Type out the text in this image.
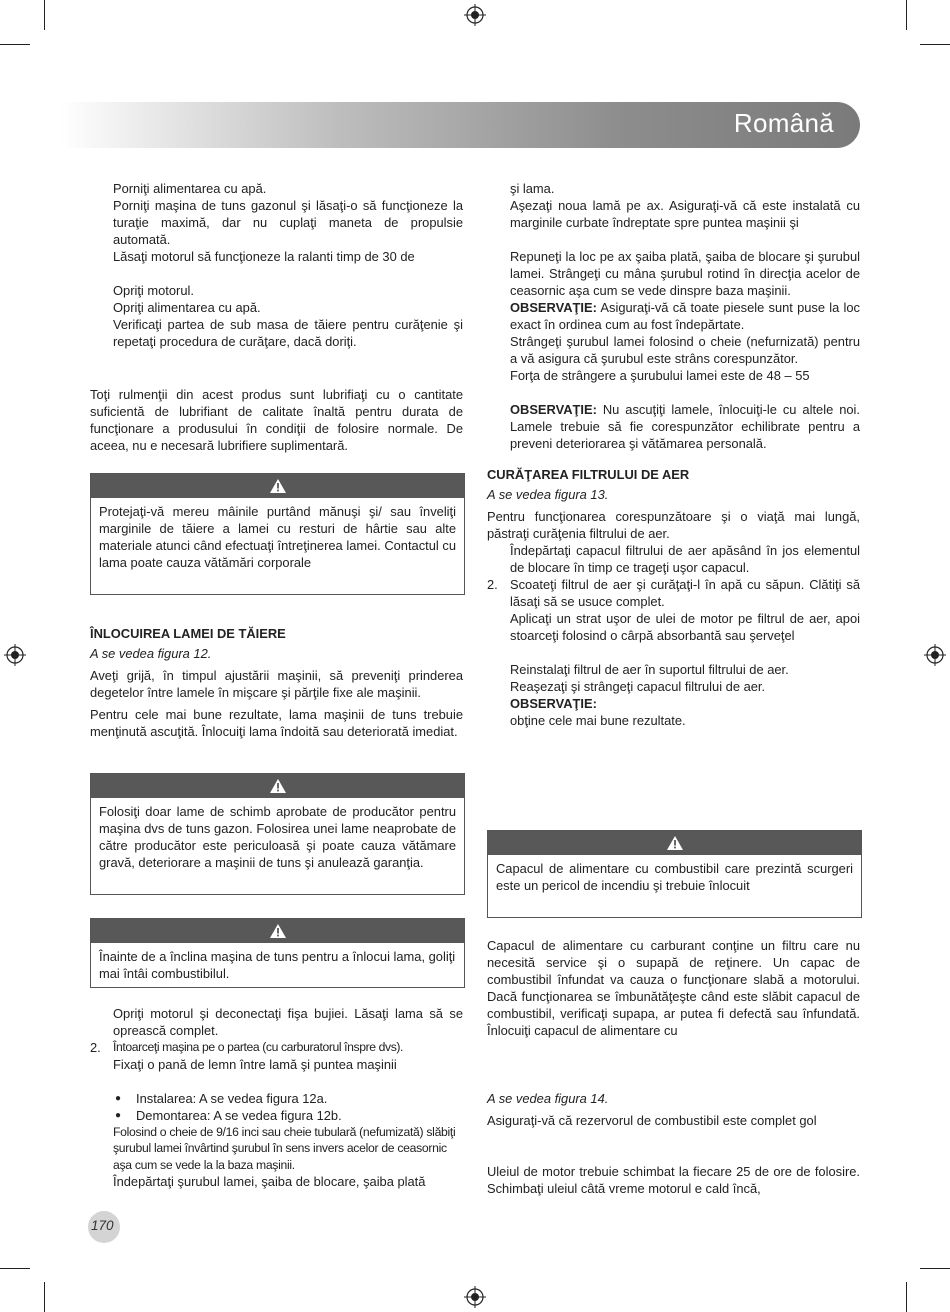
Română

Porniţi alimentarea cu apă.

Porniţi maşina de tuns gazonul şi lăsaţi-o să funcţioneze la turaţie maximă, dar nu cuplaţi maneta de propulsie automată.

Lăsaţi motorul să funcţioneze la ralanti timp de 30 de

Opriţi motorul.

Opriţi alimentarea cu apă.

Verificaţi partea de sub masa de tăiere pentru curăţenie şi repetaţi procedura de curăţare, dacă doriţi.

Toţi rulmenţii din acest produs sunt lubrifiaţi cu o cantitate suficientă de lubrifiant de calitate înaltă pentru durata de funcţionare a produsului în condiţii de folosire normale. De aceea, nu e necesară lubrifiere suplimentară.

Protejaţi-vă mereu mâinile purtând mănuşi şi/ sau înveliţi marginile de tăiere a lamei cu resturi de hârtie sau alte materiale atunci când efectuaţi întreţinerea lamei. Contactul cu lama poate cauza vătămări corporale

ÎNLOCUIREA LAMEI DE TĂIERE

A se vedea figura 12.

Aveţi grijă, în timpul ajustării maşinii, să preveniţi prinderea degetelor între lamele în mişcare şi părţile fixe ale maşinii.

Pentru cele mai bune rezultate, lama maşinii de tuns trebuie menţinută ascuţită. Înlocuiţi lama îndoită sau deteriorată imediat.

Folosiţi doar lame de schimb aprobate de producător pentru maşina dvs de tuns gazon. Folosirea unei lame neaprobate de către producător este periculoasă şi poate cauza vătămare gravă, deteriorare a maşinii de tuns şi anulează garanţia.
Înainte de a înclina maşina de tuns pentru a înlocui lama, goliţi mai întâi combustibilul.

Opriţi motorul şi deconectaţi fişa bujiei. Lăsaţi lama să se oprească complet.

2. Întoarceţi maşina pe o partea (cu carburatorul înspre dvs).

Fixaţi o pană de lemn între lamă şi puntea maşinii

● Instalarea: A se vedea figura 12a.
● Demontarea: A se vedea figura 12b.

Folosind o cheie de 9/16 inci sau cheie tubulară (nefumizată) slăbiţi şurubul lamei învârtind şurubul în sens invers acelor de ceasornic aşa cum se vede la la baza maşinii.

Îndepărtaţi şurubul lamei, şaiba de blocare, şaiba plată

şi lama.

Aşezaţi noua lamă pe ax. Asiguraţi-vă că este instalată cu marginile curbate îndreptate spre puntea maşinii şi

Repuneţi la loc pe ax şaiba plată, şaiba de blocare şi şurubul lamei. Strângeţi cu mâna şurubul rotind în direcţia acelor de ceasornic aşa cum se vede dinspre baza maşinii.

OBSERVAŢIE: Asiguraţi-vă că toate piesele sunt puse la loc exact în ordinea cum au fost îndepărtate.

Strângeţi şurubul lamei folosind o cheie (nefurnizată) pentru a vă asigura că şurubul este strâns corespunzător.

Forţa de strângere a şurubului lamei este de 48 – 55

OBSERVAŢIE: Nu ascuţiţi lamele, înlocuiţi-le cu altele noi. Lamele trebuie să fie corespunzător echilibrate pentru a preveni deteriorarea şi vătămarea personală.

CURĂŢAREA FILTRULUI DE AER

A se vedea figura 13.

Pentru funcţionarea corespunzătoare şi o viaţă mai lungă, păstraţi curăţenia filtrului de aer.

Îndepărtaţi capacul filtrului de aer apăsând în jos elementul de blocare în timp ce trageţi uşor capacul.

2. Scoateţi filtrul de aer şi curăţaţi-l în apă cu săpun. Clătiţi să lăsaţi să se usuce complet.

Aplicaţi un strat uşor de ulei de motor pe filtrul de aer, apoi stoarceţi folosind o cârpă absorbantă sau şerveţel

Reinstalaţi filtrul de aer în suportul filtrului de aer.

Reaşezaţi şi strângeţi capacul filtrului de aer.

OBSERVAŢIE:

obţine cele mai bune rezultate.

Capacul de alimentare cu combustibil care prezintă scurgeri este un pericol de incendiu şi trebuie înlocuit

Capacul de alimentare cu carburant conţine un filtru care nu necesită service şi o supapă de reţinere. Un capac de combustibil înfundat va cauza o funcţionare slabă a motorului. Dacă funcţionarea se îmbunătăţeşte când este slăbit capacul de combustibil, verificaţi supapa, ar putea fi defectă sau înfundată. Înlocuiţi capacul de alimentare cu

A se vedea figura 14.

Asiguraţi-vă că rezervorul de combustibil este complet gol

Uleiul de motor trebuie schimbat la fiecare 25 de ore de folosire. Schimbaţi uleiul câtă vreme motorul e cald încă,

170
